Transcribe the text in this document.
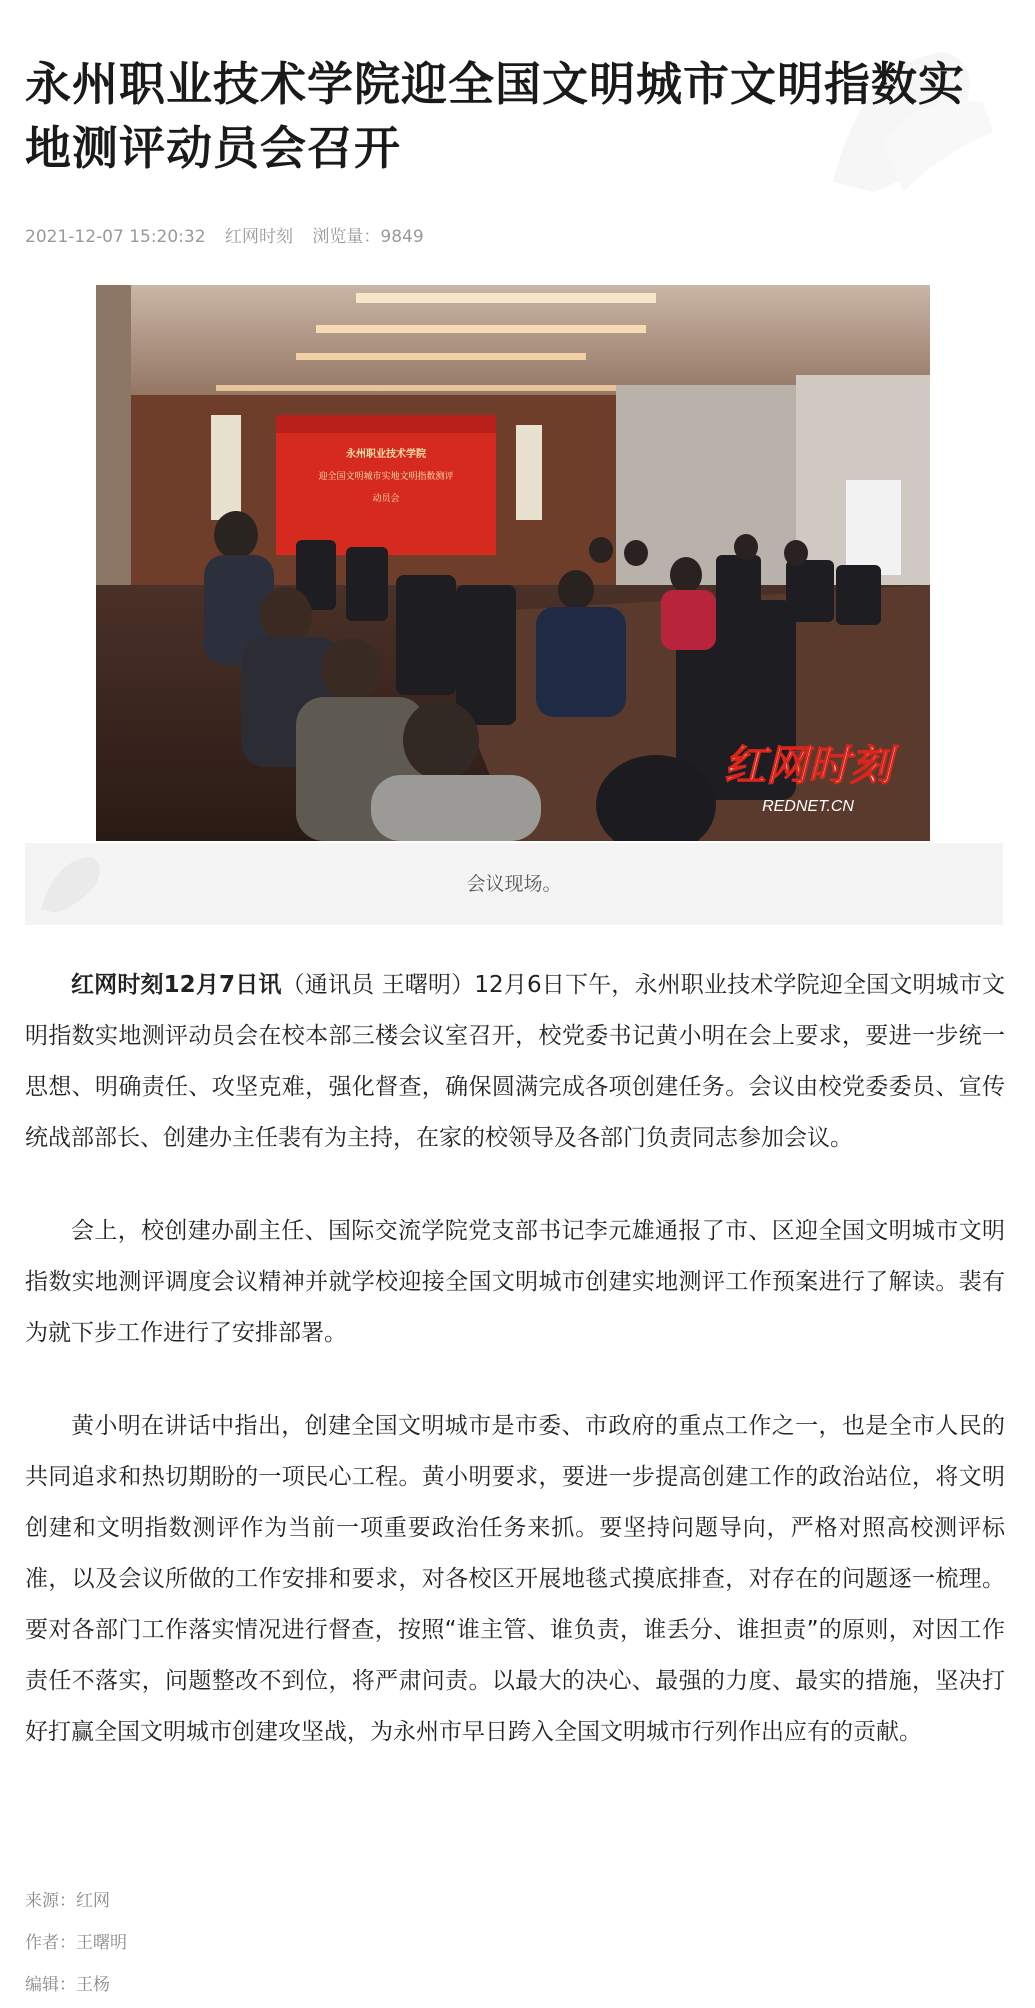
永州职业技术学院迎全国文明城市文明指数实地测评动员会召开
2021-12-07 15:20:32 红网时刻 浏览量：9849
永州职业技术学院
迎全国文明城市实地文明指数测评
动员会
红网时刻
REDNET.CN
会议现场。

红网时刻12月7日讯（通讯员 王曙明）12月6日下午，永州职业技术学院迎全国文明城市文明指数实地测评动员会在校本部三楼会议室召开，校党委书记黄小明在会上要求，要进一步统一思想、明确责任、攻坚克难，强化督查，确保圆满完成各项创建任务。会议由校党委委员、宣传统战部部长、创建办主任裴有为主持，在家的校领导及各部门负责同志参加会议。

会上，校创建办副主任、国际交流学院党支部书记李元雄通报了市、区迎全国文明城市文明指数实地测评调度会议精神并就学校迎接全国文明城市创建实地测评工作预案进行了解读。裴有为就下步工作进行了安排部署。

黄小明在讲话中指出，创建全国文明城市是市委、市政府的重点工作之一，也是全市人民的共同追求和热切期盼的一项民心工程。黄小明要求，要进一步提高创建工作的政治站位，将文明创建和文明指数测评作为当前一项重要政治任务来抓。要坚持问题导向，严格对照高校测评标准，以及会议所做的工作安排和要求，对各校区开展地毯式摸底排查，对存在的问题逐一梳理。要对各部门工作落实情况进行督查，按照“谁主管、谁负责，谁丢分、谁担责”的原则，对因工作责任不落实，问题整改不到位，将严肃问责。以最大的决心、最强的力度、最实的措施，坚决打好打赢全国文明城市创建攻坚战，为永州市早日跨入全国文明城市行列作出应有的贡献。

来源：红网
作者：王曙明
编辑：王杨
